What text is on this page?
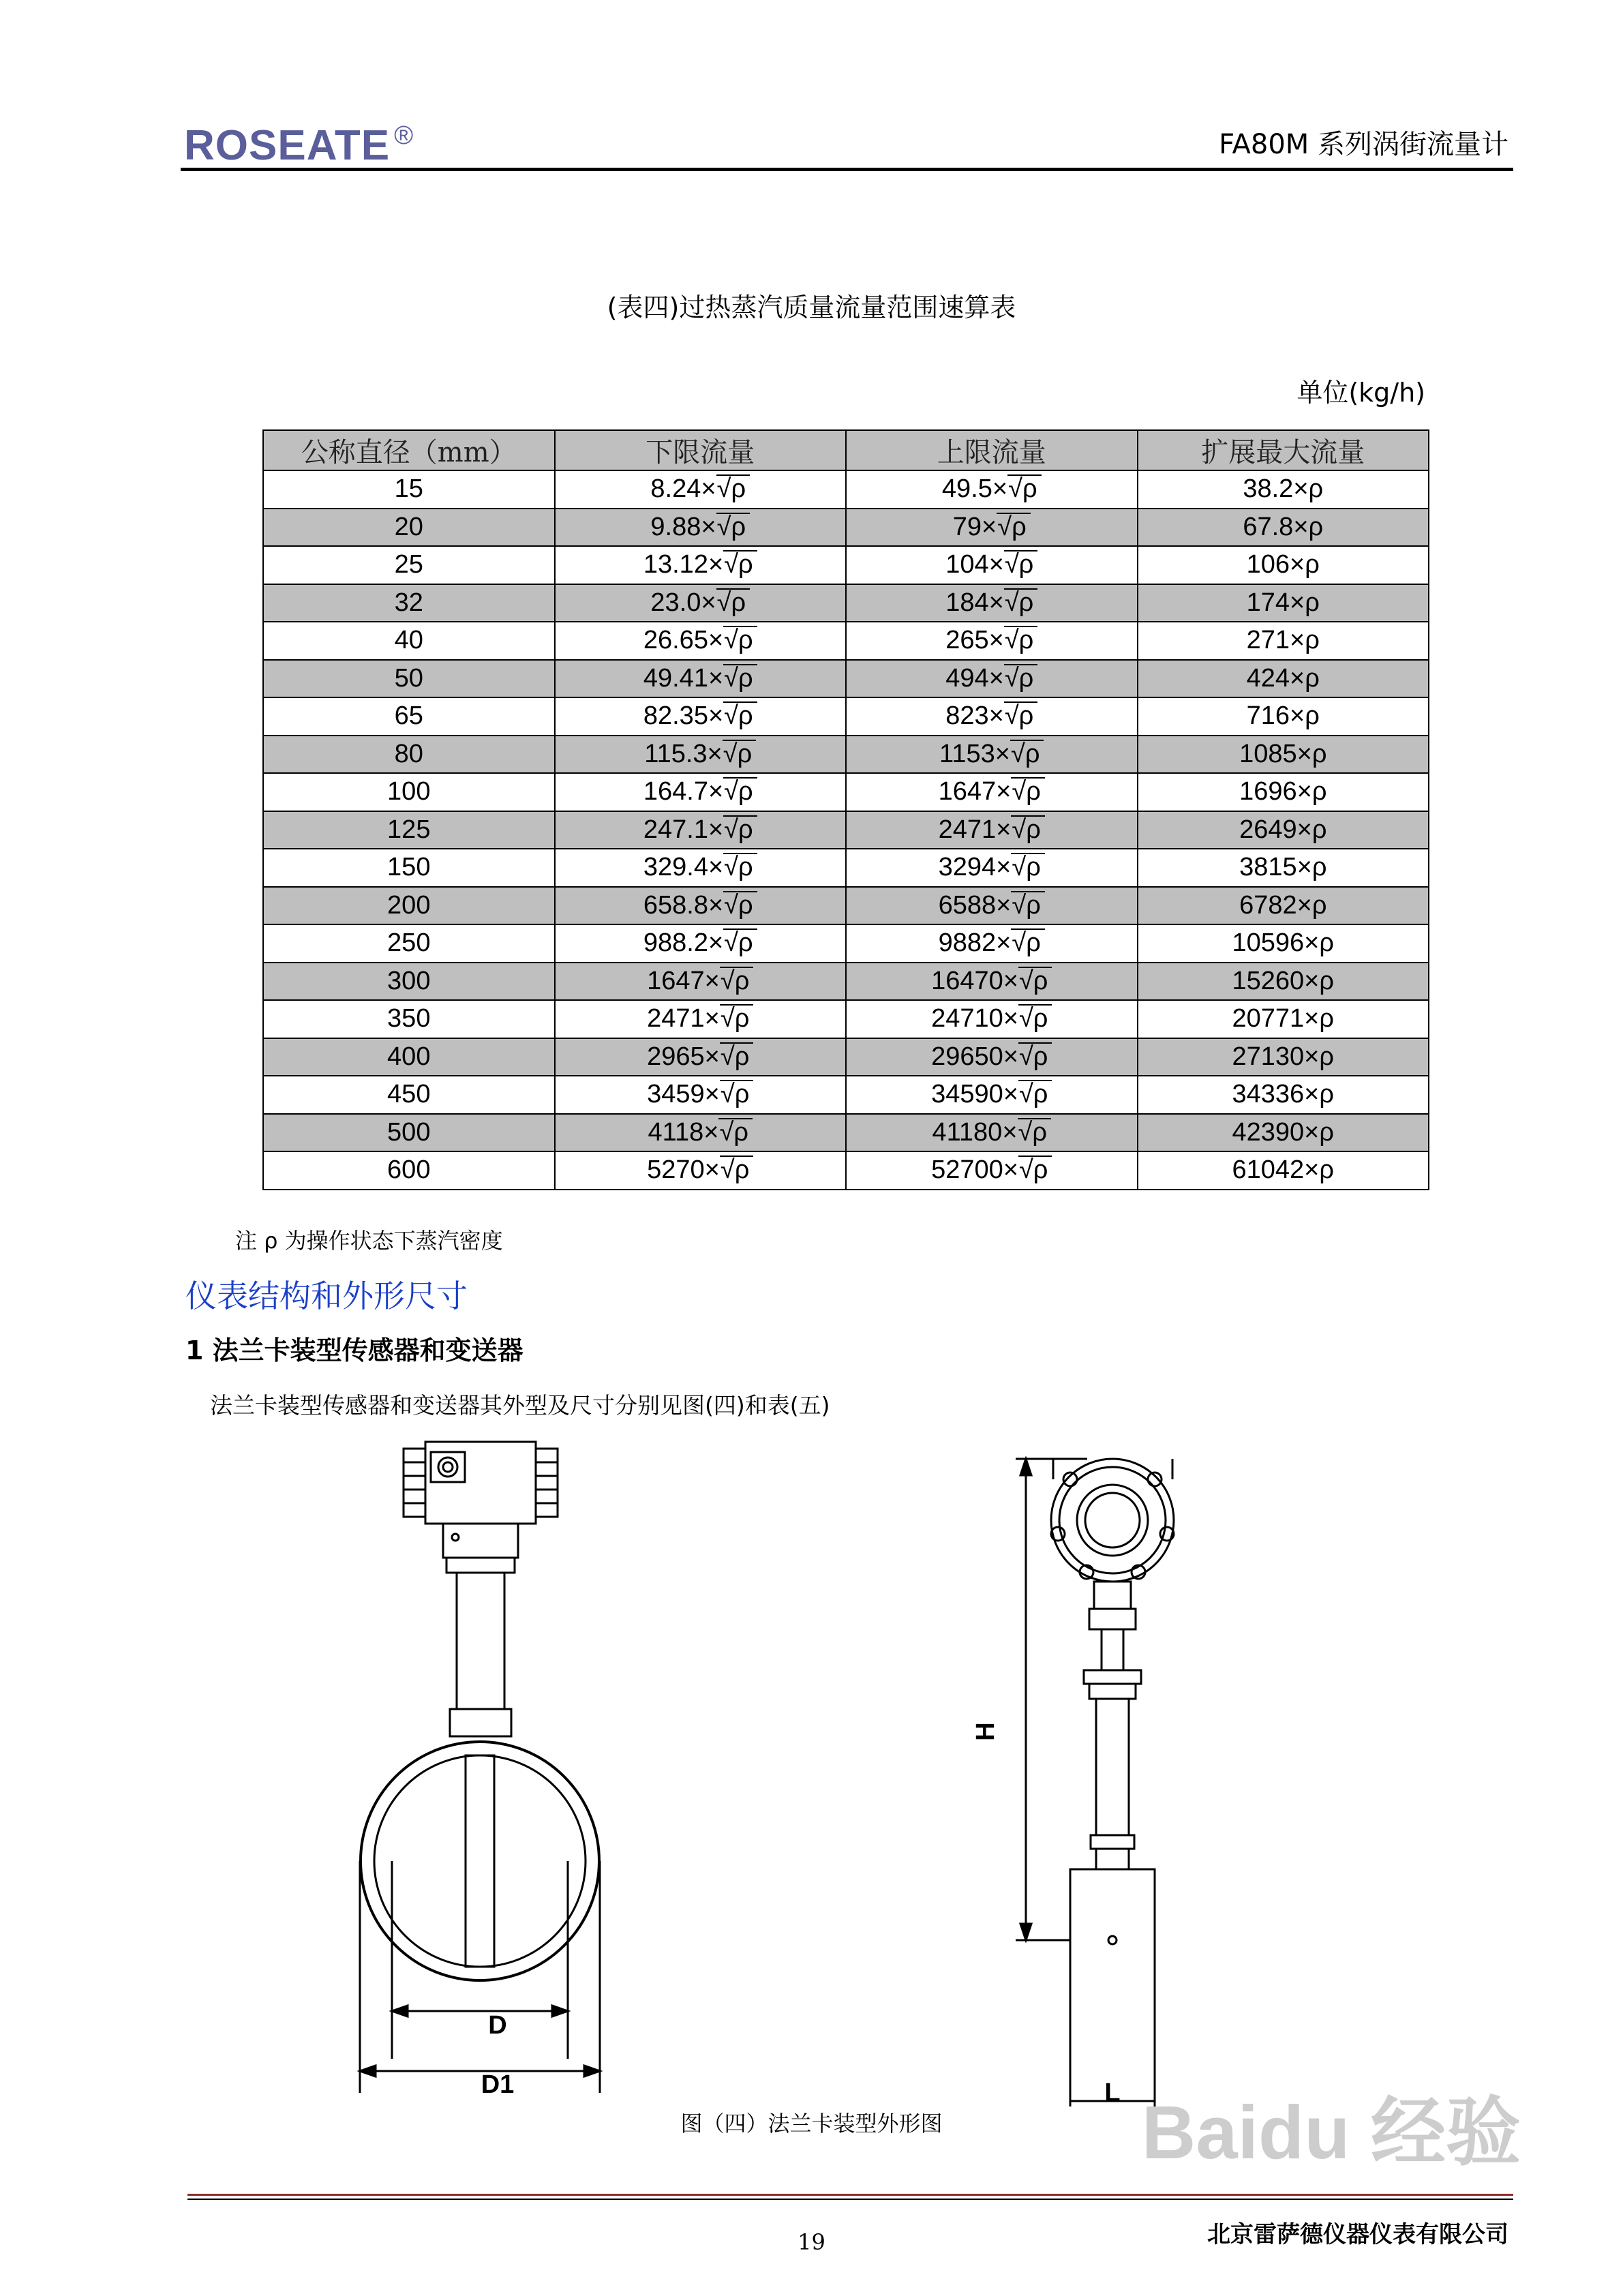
ROSEATE ®	FA80M 系列涡街流量计
(表四)过热蒸汽质量流量范围速算表
单位(kg/h)
公称直径（mm）	下限流量	上限流量	扩展最大流量
15	8.24×√ρ	49.5×√ρ	38.2×ρ
20	9.88×√ρ	79×√ρ	67.8×ρ
25	13.12×√ρ	104×√ρ	106×ρ
32	23.0×√ρ	184×√ρ	174×ρ
40	26.65×√ρ	265×√ρ	271×ρ
50	49.41×√ρ	494×√ρ	424×ρ
65	82.35×√ρ	823×√ρ	716×ρ
80	115.3×√ρ	1153×√ρ	1085×ρ
100	164.7×√ρ	1647×√ρ	1696×ρ
125	247.1×√ρ	2471×√ρ	2649×ρ
150	329.4×√ρ	3294×√ρ	3815×ρ
200	658.8×√ρ	6588×√ρ	6782×ρ
250	988.2×√ρ	9882×√ρ	10596×ρ
300	1647×√ρ	16470×√ρ	15260×ρ
350	2471×√ρ	24710×√ρ	20771×ρ
400	2965×√ρ	29650×√ρ	27130×ρ
450	3459×√ρ	34590×√ρ	34336×ρ
500	4118×√ρ	41180×√ρ	42390×ρ
600	5270×√ρ	52700×√ρ	61042×ρ
注 ρ 为操作状态下蒸汽密度
仪表结构和外形尺寸
1 法兰卡装型传感器和变送器
法兰卡装型传感器和变送器其外型及尺寸分别见图(四)和表(五)
D
D1
H
L
图（四）法兰卡装型外形图	Baidu 经验
19	北京雷萨德仪器仪表有限公司
